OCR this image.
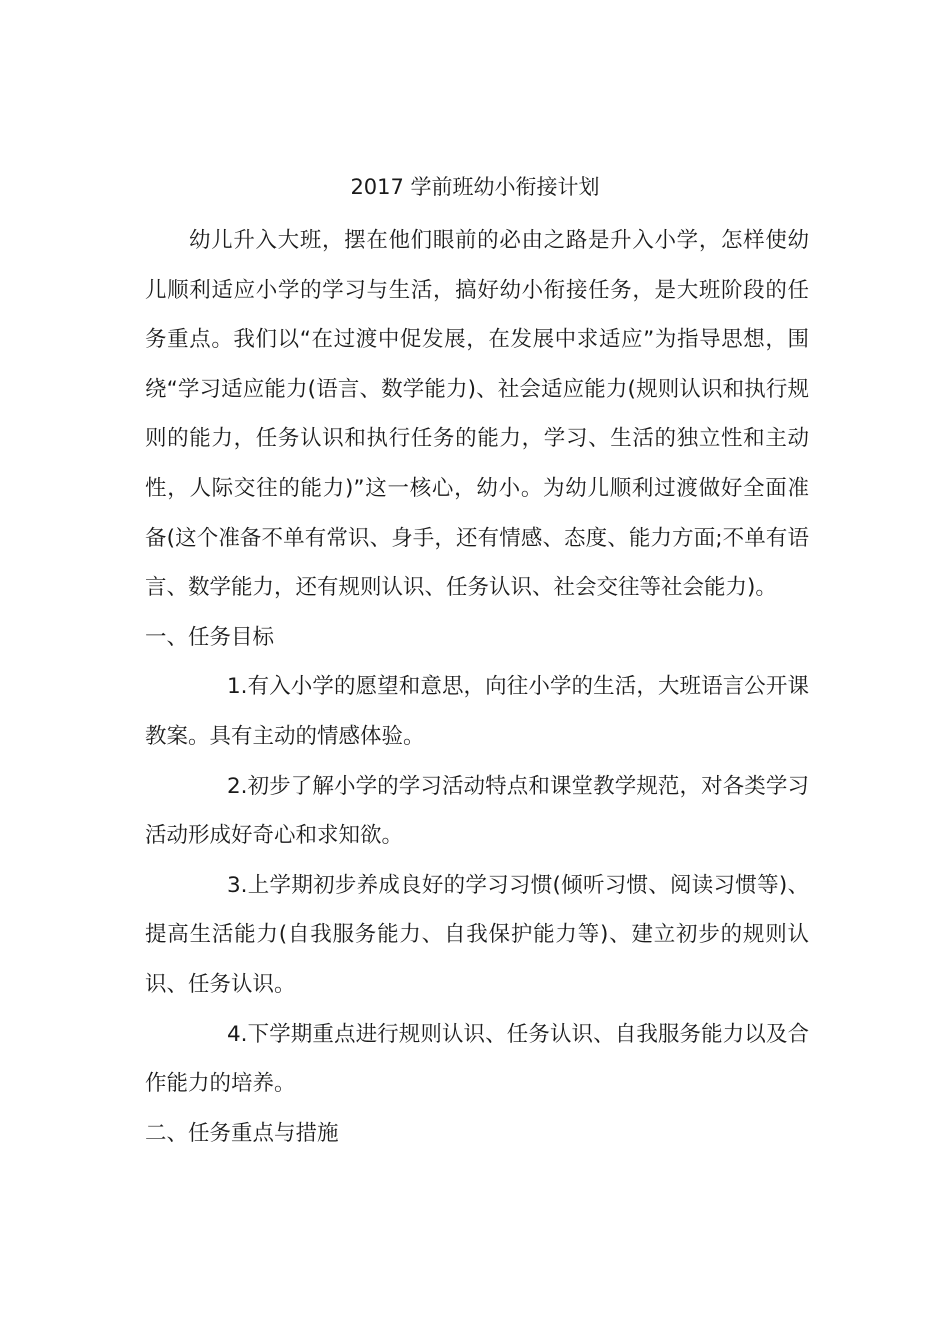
2017 学前班幼小衔接计划

幼儿升入大班，摆在他们眼前的必由之路是升入小学，怎样使幼儿顺利适应小学的学习与生活，搞好幼小衔接任务，是大班阶段的任务重点。我们以“在过渡中促发展，在发展中求适应”为指导思想，围绕“学习适应能力(语言、数学能力)、社会适应能力(规则认识和执行规则的能力，任务认识和执行任务的能力，学习、生活的独立性和主动性，人际交往的能力)”这一核心，幼小。为幼儿顺利过渡做好全面准备(这个准备不单有常识、身手，还有情感、态度、能力方面;不单有语言、数学能力，还有规则认识、任务认识、社会交往等社会能力)。

一、任务目标

1.有入小学的愿望和意思，向往小学的生活，大班语言公开课教案。具有主动的情感体验。

2.初步了解小学的学习活动特点和课堂教学规范，对各类学习活动形成好奇心和求知欲。

3.上学期初步养成良好的学习习惯(倾听习惯、阅读习惯等)、提高生活能力(自我服务能力、自我保护能力等)、建立初步的规则认识、任务认识。

4.下学期重点进行规则认识、任务认识、自我服务能力以及合作能力的培养。

二、任务重点与措施
